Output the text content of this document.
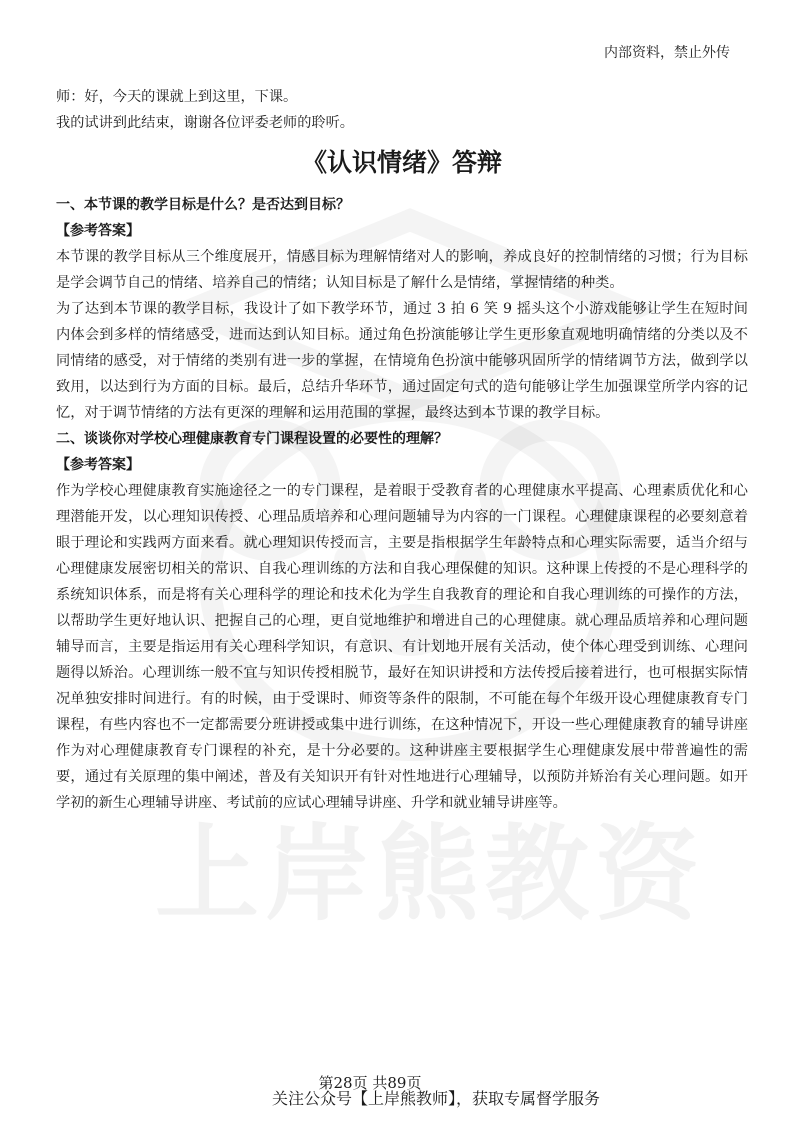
上岸熊教资
内部资料，禁止外传

师：好，今天的课就上到这里，下课。

我的试讲到此结束，谢谢各位评委老师的聆听。

《认识情绪》答辩

一、本节课的教学目标是什么？是否达到目标？

【参考答案】

本节课的教学目标从三个维度展开，情感目标为理解情绪对人的影响，养成良好的控制情绪的习惯；行为目标是学会调节自己的情绪、培养自己的情绪；认知目标是了解什么是情绪，掌握情绪的种类。

为了达到本节课的教学目标，我设计了如下教学环节，通过 3 拍 6 笑 9 摇头这个小游戏能够让学生在短时间内体会到多样的情绪感受，进而达到认知目标。通过角色扮演能够让学生更形象直观地明确情绪的分类以及不同情绪的感受，对于情绪的类别有进一步的掌握，在情境角色扮演中能够巩固所学的情绪调节方法，做到学以致用，以达到行为方面的目标。最后，总结升华环节，通过固定句式的造句能够让学生加强课堂所学内容的记忆，对于调节情绪的方法有更深的理解和运用范围的掌握，最终达到本节课的教学目标。

二、谈谈你对学校心理健康教育专门课程设置的必要性的理解？

【参考答案】

作为学校心理健康教育实施途径之一的专门课程，是着眼于受教育者的心理健康水平提高、心理素质优化和心理潜能开发，以心理知识传授、心理品质培养和心理问题辅导为内容的一门课程。心理健康课程的必要刻意着眼于理论和实践两方面来看。就心理知识传授而言，主要是指根据学生年龄特点和心理实际需要，适当介绍与心理健康发展密切相关的常识、自我心理训练的方法和自我心理保健的知识。这种课上传授的不是心理科学的系统知识体系，而是将有关心理科学的理论和技术化为学生自我教育的理论和自我心理训练的可操作的方法，以帮助学生更好地认识、把握自己的心理，更自觉地维护和增进自己的心理健康。就心理品质培养和心理问题辅导而言，主要是指运用有关心理科学知识，有意识、有计划地开展有关活动，使个体心理受到训练、心理问题得以矫治。心理训练一般不宜与知识传授相脱节，最好在知识讲授和方法传授后接着进行，也可根据实际情况单独安排时间进行。有的时候，由于受课时、师资等条件的限制，不可能在每个年级开设心理健康教育专门课程，有些内容也不一定都需要分班讲授或集中进行训练，在这种情况下，开设一些心理健康教育的辅导讲座作为对心理健康教育专门课程的补充，是十分必要的。这种讲座主要根据学生心理健康发展中带普遍性的需要，通过有关原理的集中阐述，普及有关知识开有针对性地进行心理辅导，以预防并矫治有关心理问题。如开学初的新生心理辅导讲座、考试前的应试心理辅导讲座、升学和就业辅导讲座等。

第28页 共89页
关注公众号【上岸熊教师】，获取专属督学服务
